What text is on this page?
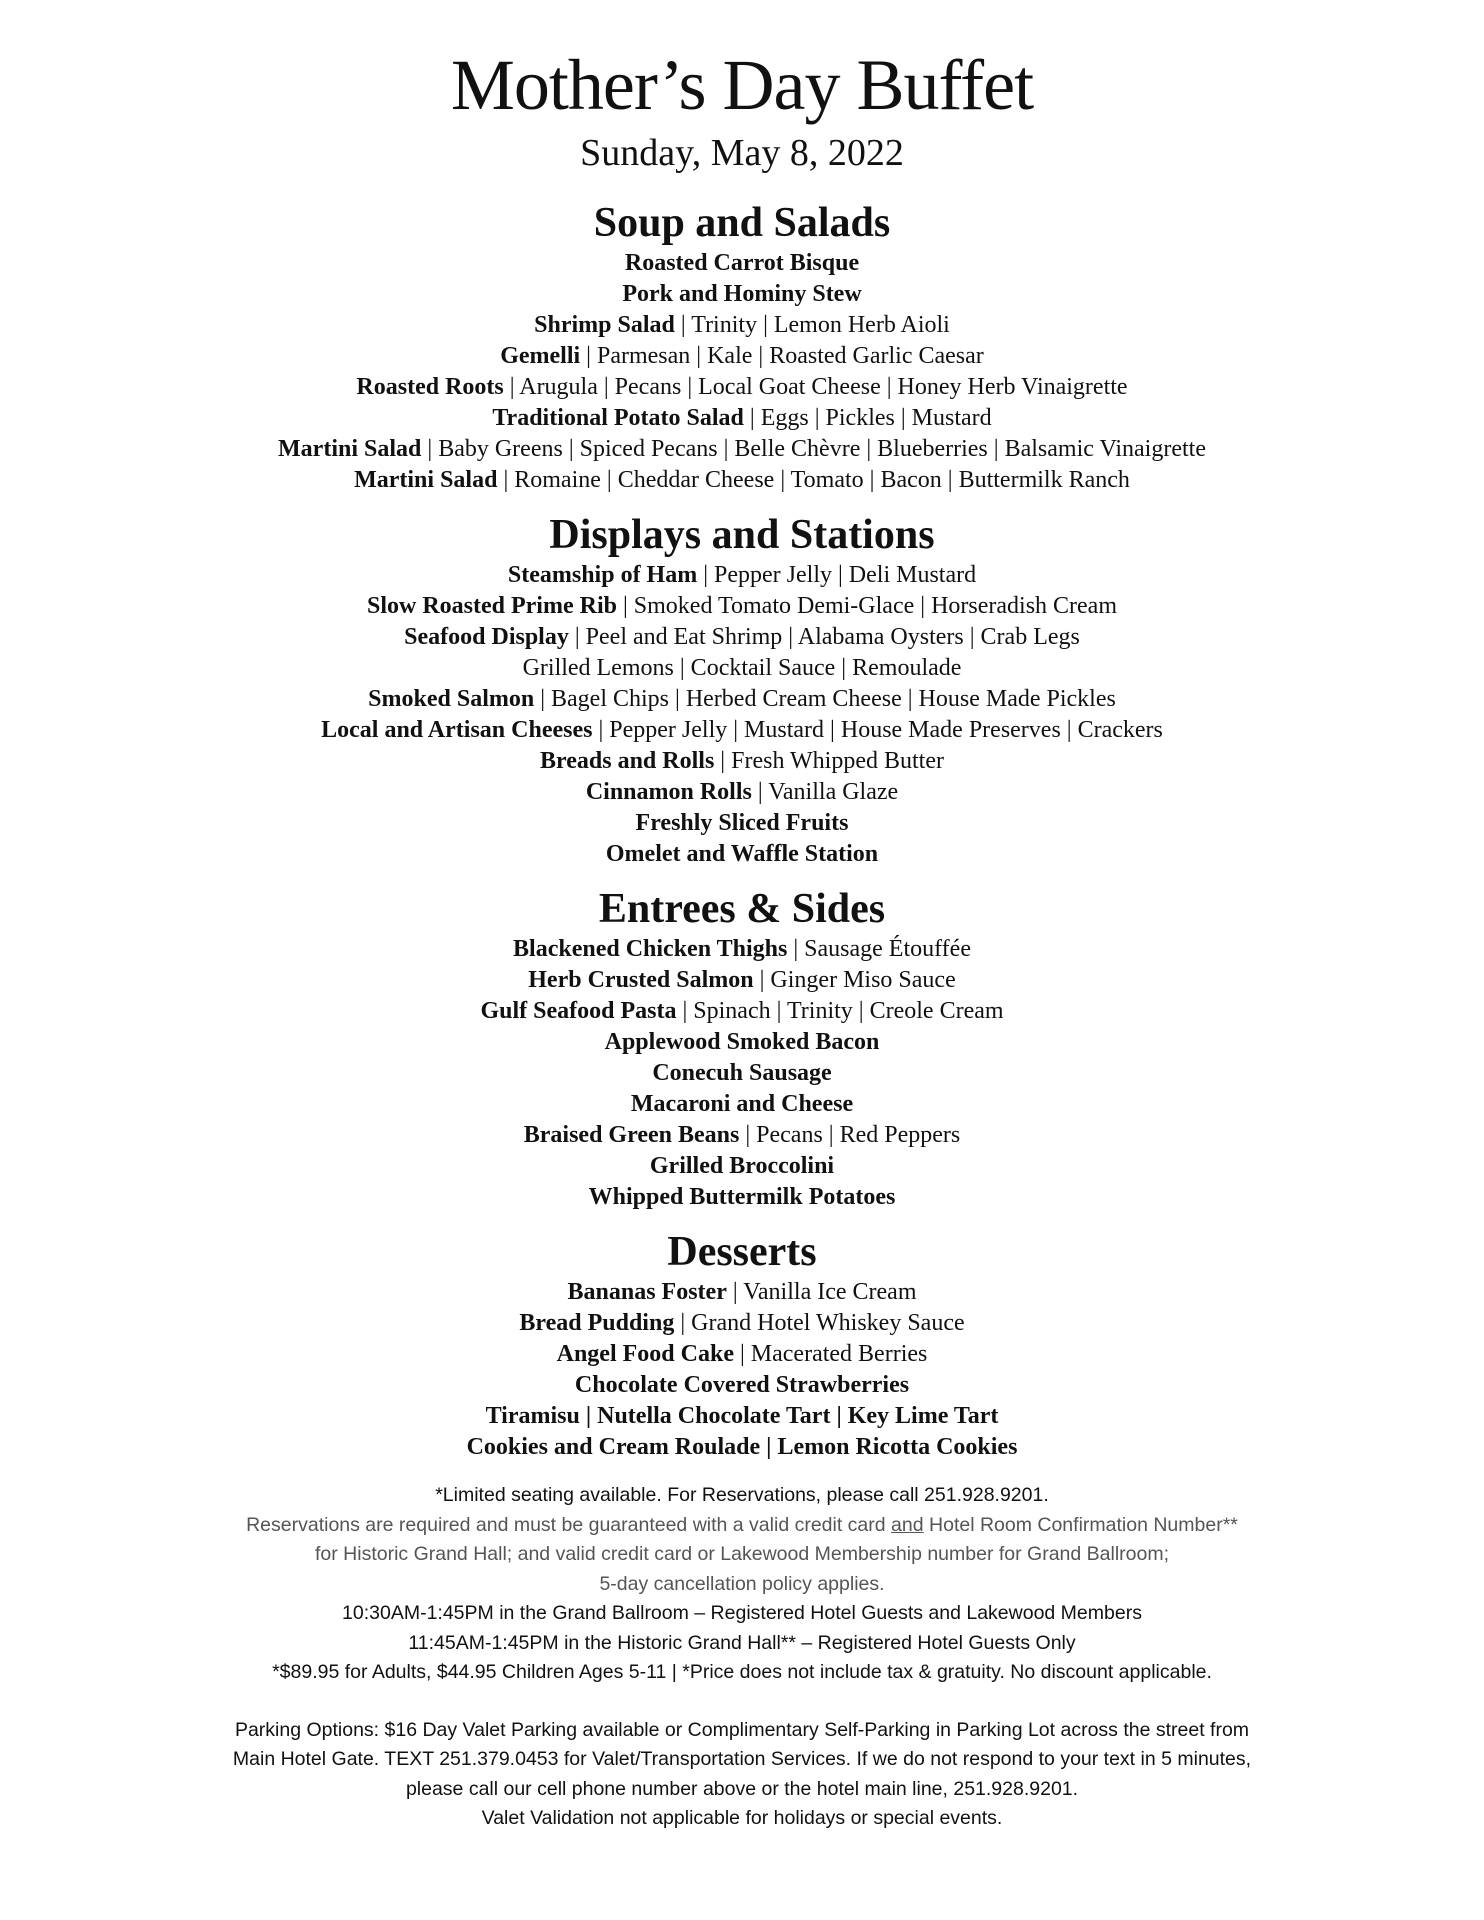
Mother’s Day Buffet
Sunday, May 8, 2022
Soup and Salads
Roasted Carrot Bisque
Pork and Hominy Stew
Shrimp Salad | Trinity | Lemon Herb Aioli
Gemelli | Parmesan | Kale | Roasted Garlic Caesar
Roasted Roots | Arugula | Pecans | Local Goat Cheese | Honey Herb Vinaigrette
Traditional Potato Salad | Eggs | Pickles | Mustard
Martini Salad | Baby Greens | Spiced Pecans | Belle Chèvre | Blueberries | Balsamic Vinaigrette
Martini Salad | Romaine | Cheddar Cheese | Tomato | Bacon | Buttermilk Ranch
Displays and Stations
Steamship of Ham | Pepper Jelly | Deli Mustard
Slow Roasted Prime Rib | Smoked Tomato Demi-Glace | Horseradish Cream
Seafood Display | Peel and Eat Shrimp | Alabama Oysters | Crab Legs
Grilled Lemons | Cocktail Sauce | Remoulade
Smoked Salmon | Bagel Chips | Herbed Cream Cheese | House Made Pickles
Local and Artisan Cheeses | Pepper Jelly | Mustard | House Made Preserves | Crackers
Breads and Rolls | Fresh Whipped Butter
Cinnamon Rolls | Vanilla Glaze
Freshly Sliced Fruits
Omelet and Waffle Station
Entrees & Sides
Blackened Chicken Thighs | Sausage Étouffée
Herb Crusted Salmon | Ginger Miso Sauce
Gulf Seafood Pasta | Spinach | Trinity | Creole Cream
Applewood Smoked Bacon
Conecuh Sausage
Macaroni and Cheese
Braised Green Beans | Pecans | Red Peppers
Grilled Broccolini
Whipped Buttermilk Potatoes
Desserts
Bananas Foster | Vanilla Ice Cream
Bread Pudding | Grand Hotel Whiskey Sauce
Angel Food Cake | Macerated Berries
Chocolate Covered Strawberries
Tiramisu | Nutella Chocolate Tart | Key Lime Tart
Cookies and Cream Roulade | Lemon Ricotta Cookies
*Limited seating available. For Reservations, please call 251.928.9201.
Reservations are required and must be guaranteed with a valid credit card and Hotel Room Confirmation Number**
for Historic Grand Hall; and valid credit card or Lakewood Membership number for Grand Ballroom;
5-day cancellation policy applies.
10:30AM-1:45PM in the Grand Ballroom – Registered Hotel Guests and Lakewood Members
11:45AM-1:45PM in the Historic Grand Hall** – Registered Hotel Guests Only
*$89.95 for Adults, $44.95 Children Ages 5-11 | *Price does not include tax & gratuity. No discount applicable.
Parking Options: $16 Day Valet Parking available or Complimentary Self-Parking in Parking Lot across the street from
Main Hotel Gate. TEXT 251.379.0453 for Valet/Transportation Services. If we do not respond to your text in 5 minutes,
please call our cell phone number above or the hotel main line, 251.928.9201.
Valet Validation not applicable for holidays or special events.
